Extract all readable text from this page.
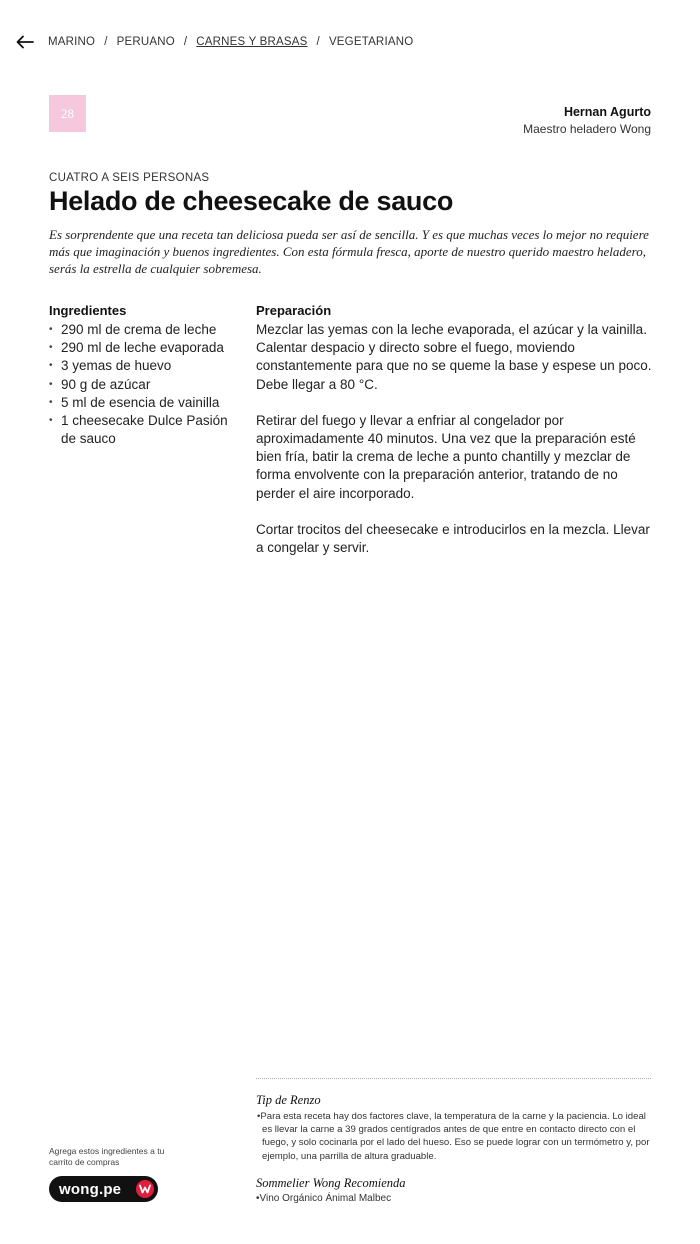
MARINO / PERUANO / CARNES Y BRASAS / VEGETARIANO
28	Hernan Agurto
Maestro heladero Wong
CUATRO A SEIS PERSONAS
Helado de cheesecake de sauco

Es sorprendente que una receta tan deliciosa pueda ser así de sencilla. Y es que muchas veces lo mejor no requiere más que imaginación y buenos ingredientes. Con esta fórmula fresca, aporte de nuestro querido maestro heladero, serás la estrella de cualquier sobremesa.

Ingredientes
• 290 ml de crema de leche
• 290 ml de leche evaporada
• 3 yemas de huevo
• 90 g de azúcar
• 5 ml de esencia de vainilla
• 1 cheesecake Dulce Pasión de sauco
Preparación

Mezclar las yemas con la leche evaporada, el azúcar y la vainilla. Calentar despacio y directo sobre el fuego, moviendo constantemente para que no se queme la base y espese un poco. Debe llegar a 80 °C.

Retirar del fuego y llevar a enfriar al congelador por aproximadamente 40 minutos. Una vez que la preparación esté bien fría, batir la crema de leche a punto chantilly y mezclar de forma envolvente con la preparación anterior, tratando de no perder el aire incorporado.

Cortar trocitos del cheesecake e introducirlos en la mezcla. Llevar a congelar y servir.

Tip de Renzo

• Para esta receta hay dos factores clave, la temperatura de la carne y la paciencia. Lo ideal es llevar la carne a 39 grados centígrados antes de que entre en contacto directo con el fuego, y solo cocinarla por el lado del hueso. Eso se puede lograr con un termómetro y, por ejemplo, una parrilla de altura graduable.

Sommelier Wong Recomienda

• Vino Orgánico Ánimal Malbec

Agrega estos ingredientes a tu carrito de compras
wong.pe
